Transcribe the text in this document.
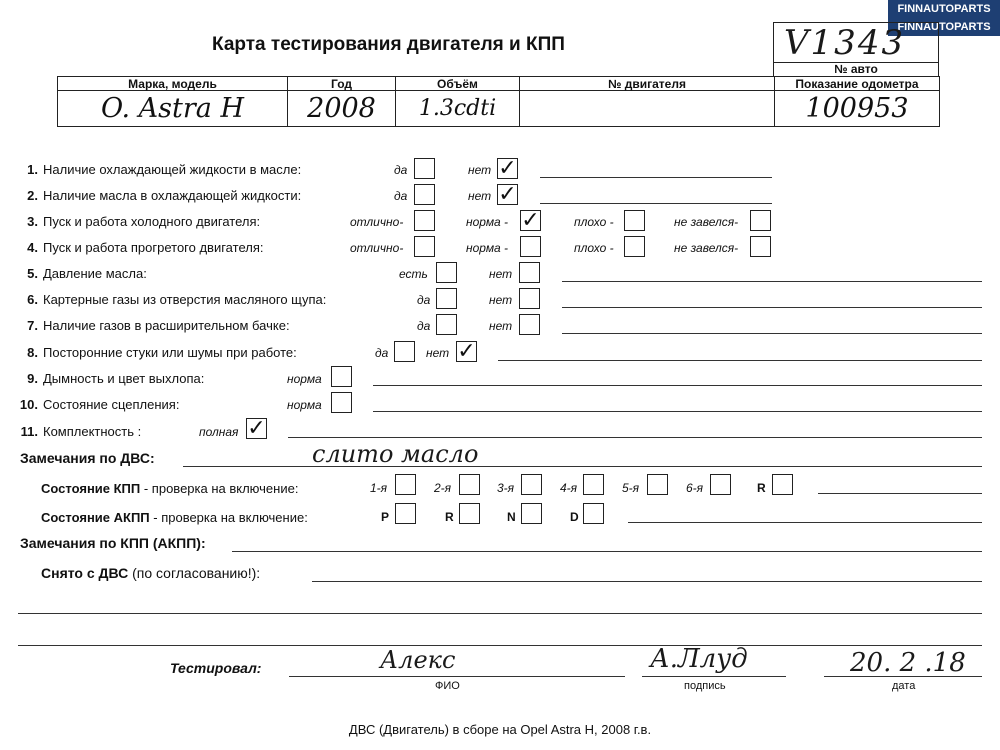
FINNAUTOPARTS
FINNAUTOPARTS
Карта тестирования двигателя и КПП	V1343
№ авто
Марка, модель	Год	Объём	№ двигателя	Показание одометра
O. Astra H	2008	1.3cdti		100953
1. Наличие охлаждающей жидкости в масле:	да	нет ✓
2. Наличие масла в охлаждающей жидкости:	да	нет ✓
3. Пуск и работа холодного двигателя:	отлично-	норма - ✓	плохо -	не завелся-
4. Пуск и работа прогретого двигателя:	отлично-	норма -	плохо -	не завелся-
5. Давление масла:	есть	нет
6. Картерные газы из отверстия масляного щупа:	да	нет
7. Наличие газов в расширительном бачке:	да	нет
8. Посторонние стуки или шумы при работе:	да	нет ✓
9. Дымность и цвет выхлопа:	норма
10. Состояние сцепления:	норма
11. Комплектность :	полная ✓
Замечания по ДВС:	слито масло
Состояние КПП - проверка на включение:	1-я	2-я	3-я	4-я	5-я	6-я	R
Состояние АКПП - проверка на включение:	P	R	N	D
Замечания по КПП (АКПП):
Снято с ДВС (по согласованию!):
Тестировал:	Алекс
ФИО
А.Ллуд
подпись
20. 2 .18
дата
ДВС (Двигатель) в сборе на Opel Astra H, 2008 г.в.
